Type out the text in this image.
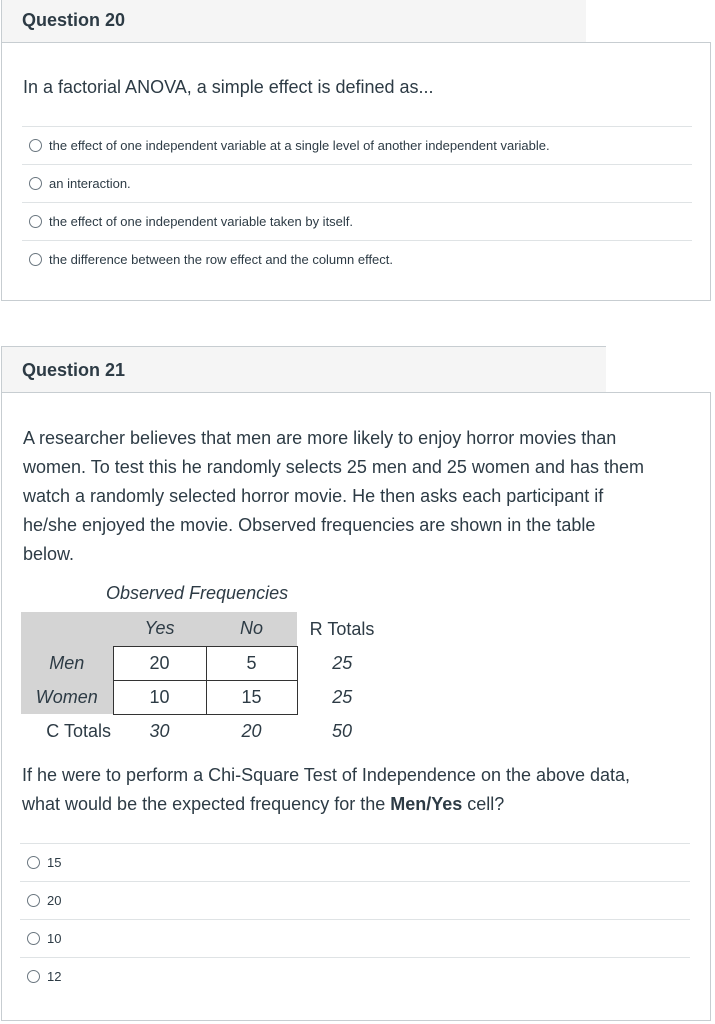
Question 20
In a factorial ANOVA, a simple effect is defined as...
the effect of one independent variable at a single level of another independent variable.
an interaction.
the effect of one independent variable taken by itself.
the difference between the row effect and the column effect.
Question 21
A researcher believes that men are more likely to enjoy horror movies than
women. To test this he randomly selects 25 men and 25 women and has them
watch a randomly selected horror movie. He then asks each participant if
he/she enjoyed the movie. Observed frequencies are shown in the table
below.
Observed Frequencies
	Yes	No	R Totals
Men	20	5	25
Women	10	15	25
C Totals	30	20	50
If he were to perform a Chi-Square Test of Independence on the above data,
what would be the expected frequency for the Men/Yes cell?
15
20
10
12
